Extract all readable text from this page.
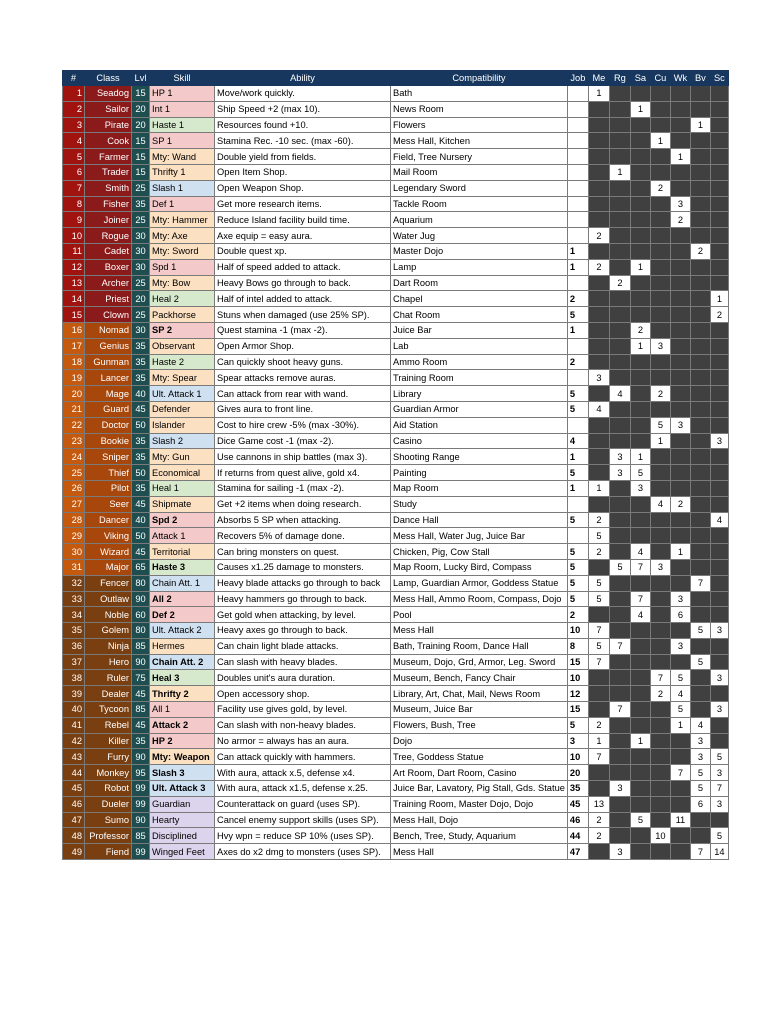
#	Class	Lvl	Skill	Ability	Compatibility	Job	Me	Rg	Sa	Cu	Wk	Bv	Sc
1	Seadog	15	HP 1	Move/work quickly.	Bath		1						
2	Sailor	20	Int 1	Ship Speed +2 (max 10).	News Room				1				
3	Pirate	20	Haste 1	Resources found +10.	Flowers							1	
4	Cook	15	SP 1	Stamina Rec. -10 sec. (max -60).	Mess Hall, Kitchen					1			
5	Farmer	15	Mty: Wand	Double yield from fields.	Field, Tree Nursery						1		
6	Trader	15	Thrifty 1	Open Item Shop.	Mail Room			1					
7	Smith	25	Slash 1	Open Weapon Shop.	Legendary Sword					2			
8	Fisher	35	Def 1	Get more research items.	Tackle Room						3		
9	Joiner	25	Mty: Hammer	Reduce Island facility build time.	Aquarium						2		
10	Rogue	30	Mty: Axe	Axe equip = easy aura.	Water Jug		2						
11	Cadet	30	Mty: Sword	Double quest xp.	Master Dojo	1						2	
12	Boxer	30	Spd 1	Half of speed added to attack.	Lamp	1	2		1				
13	Archer	25	Mty: Bow	Heavy Bows go through to back.	Dart Room			2					
14	Priest	20	Heal 2	Half of intel added to attack.	Chapel	2							1
15	Clown	25	Packhorse	Stuns when damaged (use 25% SP).	Chat Room	5							2
16	Nomad	30	SP 2	Quest stamina -1 (max -2).	Juice Bar	1			2				
17	Genius	35	Observant	Open Armor Shop.	Lab				1	3			
18	Gunman	35	Haste 2	Can quickly shoot heavy guns.	Ammo Room	2							
19	Lancer	35	Mty: Spear	Spear attacks remove auras.	Training Room		3						
20	Mage	40	Ult. Attack 1	Can attack from rear with wand.	Library	5		4		2			
21	Guard	45	Defender	Gives aura to front line.	Guardian Armor	5	4						
22	Doctor	50	Islander	Cost to hire crew -5% (max -30%).	Aid Station					5	3		
23	Bookie	35	Slash 2	Dice Game cost -1 (max -2).	Casino	4				1			3
24	Sniper	35	Mty: Gun	Use cannons in ship battles (max 3).	Shooting Range	1		3	1				
25	Thief	50	Economical	If returns from quest alive, gold x4.	Painting	5		3	5				
26	Pilot	35	Heal 1	Stamina for sailing -1 (max -2).	Map Room	1	1		3				
27	Seer	45	Shipmate	Get +2 items when doing research.	Study					4	2		
28	Dancer	40	Spd 2	Absorbs 5 SP when attacking.	Dance Hall	5	2						4
29	Viking	50	Attack 1	Recovers 5% of damage done.	Mess Hall, Water Jug, Juice Bar		5						
30	Wizard	45	Territorial	Can bring monsters on quest.	Chicken, Pig, Cow Stall	5	2		4		1		
31	Major	65	Haste 3	Causes x1.25 damage to monsters.	Map Room, Lucky Bird, Compass	5		5	7	3			
32	Fencer	80	Chain Att. 1	Heavy blade attacks go through to back	Lamp, Guardian Armor, Goddess Statue	5	5					7	
33	Outlaw	90	All 2	Heavy hammers go through to back.	Mess Hall, Ammo Room, Compass, Dojo	5	5		7		3		
34	Noble	60	Def 2	Get gold when attacking, by level.	Pool	2			4		6		
35	Golem	80	Ult. Attack 2	Heavy axes go through to back.	Mess Hall	10	7					5	3
36	Ninja	85	Hermes	Can chain light blade attacks.	Bath, Training Room, Dance Hall	8	5	7			3		
37	Hero	90	Chain Att. 2	Can slash with heavy blades.	Museum, Dojo, Grd, Armor, Leg. Sword	15	7					5	
38	Ruler	75	Heal 3	Doubles unit's aura duration.	Museum, Bench, Fancy Chair	10				7	5		3
39	Dealer	45	Thrifty 2	Open accessory shop.	Library, Art, Chat, Mail, News Room	12				2	4		
40	Tycoon	85	All 1	Facility use gives gold, by level.	Museum, Juice Bar	15		7			5		3
41	Rebel	45	Attack 2	Can slash with non-heavy blades.	Flowers, Bush, Tree	5	2				1	4	
42	Killer	35	HP 2	No armor = always has an aura.	Dojo	3	1		1			3	
43	Furry	90	Mty: Weapon	Can attack quickly with hammers.	Tree, Goddess Statue	10	7					3	5
44	Monkey	95	Slash 3	With aura, attack x.5, defense x4.	Art Room, Dart Room, Casino	20					7	5	3
45	Robot	99	Ult. Attack 3	With aura, attack x1.5, defense x.25.	Juice Bar, Lavatory, Pig Stall, Gds. Statue	35		3				5	7
46	Dueler	99	Guardian	Counterattack on guard (uses SP).	Training Room, Master Dojo, Dojo	45	13					6	3
47	Sumo	90	Hearty	Cancel enemy support skills (uses SP).	Mess Hall, Dojo	46	2		5		11		
48	Professor	85	Disciplined	Hvy wpn = reduce SP 10% (uses SP).	Bench, Tree, Study, Aquarium	44	2			10			5
49	Fiend	99	Winged Feet	Axes do x2 dmg to monsters (uses SP).	Mess Hall	47		3				7	14
